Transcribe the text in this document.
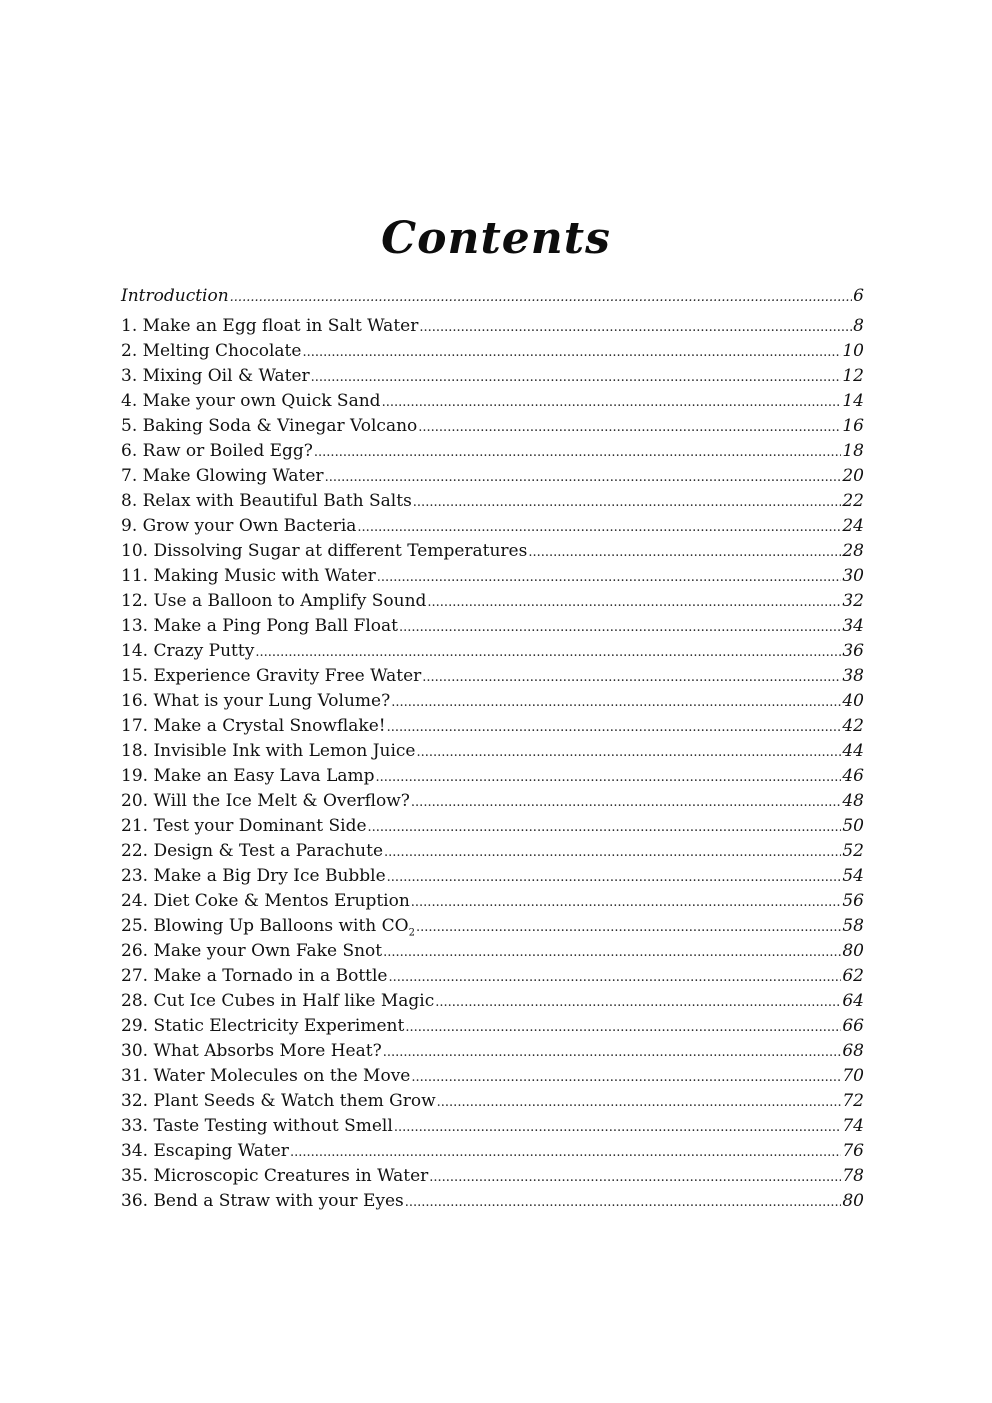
Contents
Introduction .....	6
1. Make an Egg float in Salt Water .....	8
2. Melting Chocolate .....	10
3. Mixing Oil & Water .....	12
4. Make your own Quick Sand .....	14
5. Baking Soda & Vinegar Volcano .....	16
6. Raw or Boiled Egg? .....	18
7. Make Glowing Water .....	20
8. Relax with Beautiful Bath Salts .....	22
9. Grow your Own Bacteria .....	24
10. Dissolving Sugar at different Temperatures .....	28
11. Making Music with Water .....	30
12. Use a Balloon to Amplify Sound .....	32
13. Make a Ping Pong Ball Float .....	34
14. Crazy Putty .....	36
15. Experience Gravity Free Water .....	38
16. What is your Lung Volume? .....	40
17. Make a Crystal Snowflake! .....	42
18. Invisible Ink with Lemon Juice .....	44
19. Make an Easy Lava Lamp .....	46
20. Will the Ice Melt & Overflow? .....	48
21. Test your Dominant Side .....	50
22. Design & Test a Parachute .....	52
23. Make a Big Dry Ice Bubble .....	54
24. Diet Coke & Mentos Eruption .....	56
25. Blowing Up Balloons with $CO_2$ .....	58
26. Make your Own Fake Snot .....	80
27. Make a Tornado in a Bottle .....	62
28. Cut Ice Cubes in Half like Magic .....	64
29. Static Electricity Experiment .....	66
30. What Absorbs More Heat? .....	68
31. Water Molecules on the Move .....	70
32. Plant Seeds & Watch them Grow .....	72
33. Taste Testing without Smell .....	74
34. Escaping Water .....	76
35. Microscopic Creatures in Water .....	78
36. Bend a Straw with your Eyes .....	80
